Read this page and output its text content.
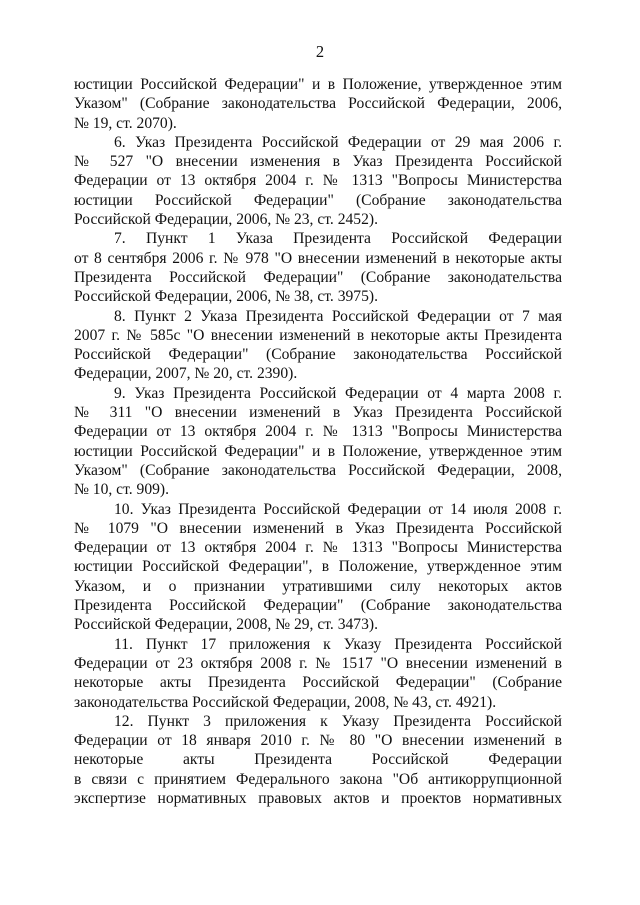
2
юстиции Российской Федерации" и в Положение, утвержденное этим
Указом" (Собрание законодательства Российской Федерации, 2006,
№ 19, ст. 2070).
6. Указ Президента Российской Федерации от 29 мая 2006 г.
№ 527 "О внесении изменения в Указ Президента Российской
Федерации от 13 октября 2004 г. № 1313 "Вопросы Министерства
юстиции Российской Федерации" (Собрание законодательства
Российской Федерации, 2006, № 23, ст. 2452).
7. Пункт 1 Указа Президента Российской Федерации
от 8 сентября 2006 г. № 978 "О внесении изменений в некоторые акты
Президента Российской Федерации" (Собрание законодательства
Российской Федерации, 2006, № 38, ст. 3975).
8. Пункт 2 Указа Президента Российской Федерации от 7 мая
2007 г. № 585с "О внесении изменений в некоторые акты Президента
Российской Федерации" (Собрание законодательства Российской
Федерации, 2007, № 20, ст. 2390).
9. Указ Президента Российской Федерации от 4 марта 2008 г.
№ 311 "О внесении изменений в Указ Президента Российской
Федерации от 13 октября 2004 г. № 1313 "Вопросы Министерства
юстиции Российской Федерации" и в Положение, утвержденное этим
Указом" (Собрание законодательства Российской Федерации, 2008,
№ 10, ст. 909).
10. Указ Президента Российской Федерации от 14 июля 2008 г.
№ 1079 "О внесении изменений в Указ Президента Российской
Федерации от 13 октября 2004 г. № 1313 "Вопросы Министерства
юстиции Российской Федерации", в Положение, утвержденное этим
Указом, и о признании утратившими силу некоторых актов
Президента Российской Федерации" (Собрание законодательства
Российской Федерации, 2008, № 29, ст. 3473).
11. Пункт 17 приложения к Указу Президента Российской
Федерации от 23 октября 2008 г. № 1517 "О внесении изменений в
некоторые акты Президента Российской Федерации" (Собрание
законодательства Российской Федерации, 2008, № 43, ст. 4921).
12. Пункт 3 приложения к Указу Президента Российской
Федерации от 18 января 2010 г. № 80 "О внесении изменений в
некоторые акты Президента Российской Федерации
в связи с принятием Федерального закона "Об антикоррупционной
экспертизе нормативных правовых актов и проектов нормативных
